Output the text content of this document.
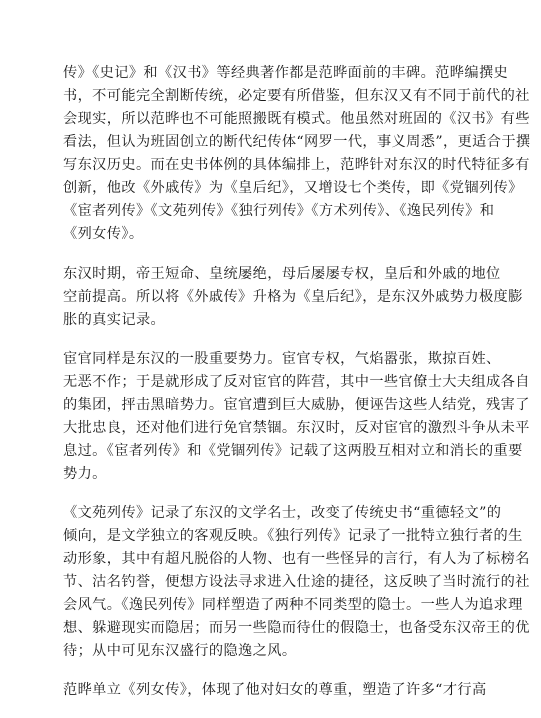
传》《史记》和《汉书》等经典著作都是范晔面前的丰碑。范晔编撰史
书，不可能完全割断传统，必定要有所借鉴，但东汉又有不同于前代的社
会现实，所以范晔也不可能照搬既有模式。他虽然对班固的《汉书》有些
看法，但认为班固创立的断代纪传体“网罗一代，事义周悉”，更适合于撰
写东汉历史。而在史书体例的具体编排上，范晔针对东汉的时代特征多有
创新，他改《外戚传》为《皇后纪》，又增设七个类传，即《党锢列传》
《宦者列传》《文苑列传》《独行列传》《方术列传》、《逸民列传》和
《列女传》。
东汉时期，帝王短命、皇统屡绝，母后屡屡专权，皇后和外戚的地位
空前提高。所以将《外戚传》升格为《皇后纪》，是东汉外戚势力极度膨
胀的真实记录。
宦官同样是东汉的一股重要势力。宦官专权，气焰嚣张，欺掠百姓、
无恶不作；于是就形成了反对宦官的阵营，其中一些官僚士大夫组成各自
的集团，抨击黑暗势力。宦官遭到巨大威胁，便诬告这些人结党，残害了
大批忠良，还对他们进行免官禁锢。东汉时，反对宦官的激烈斗争从未平
息过。《宦者列传》和《党锢列传》记载了这两股互相对立和消长的重要
势力。
《文苑列传》记录了东汉的文学名士，改变了传统史书“重德轻文”的
倾向，是文学独立的客观反映。《独行列传》记录了一批特立独行者的生
动形象，其中有超凡脱俗的人物、也有一些怪异的言行，有人为了标榜名
节、沽名钓誉，便想方设法寻求进入仕途的捷径，这反映了当时流行的社
会风气。《逸民列传》同样塑造了两种不同类型的隐士。一些人为追求理
想、躲避现实而隐居；而另一些隐而待仕的假隐士，也备受东汉帝王的优
待；从中可见东汉盛行的隐逸之风。
范晔单立《列女传》，体现了他对妇女的尊重，塑造了许多“才行高
